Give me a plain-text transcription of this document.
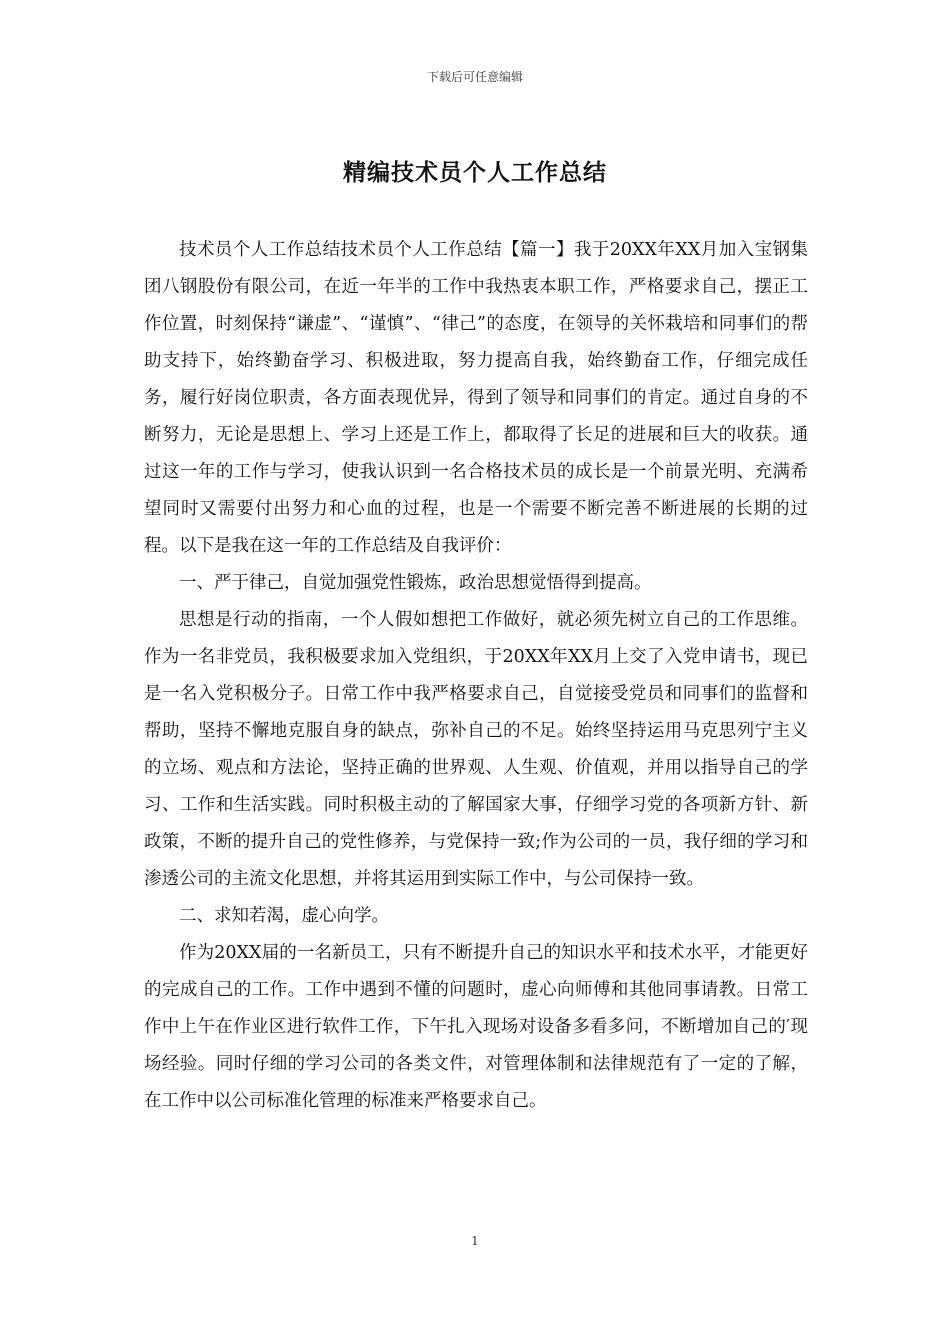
下载后可任意编辑
精编技术员个人工作总结

技术员个人工作总结技术员个人工作总结【篇一】我于20XX年XX月加入宝钢集团八钢股份有限公司，在近一年半的工作中我热衷本职工作，严格要求自己，摆正工作位置，时刻保持“谦虚”、“谨慎”、“律己”的态度，在领导的关怀栽培和同事们的帮助支持下，始终勤奋学习、积极进取，努力提高自我，始终勤奋工作，仔细完成任务，履行好岗位职责，各方面表现优异，得到了领导和同事们的肯定。通过自身的不断努力，无论是思想上、学习上还是工作上，都取得了长足的进展和巨大的收获。通过这一年的工作与学习，使我认识到一名合格技术员的成长是一个前景光明、充满希望同时又需要付出努力和心血的过程，也是一个需要不断完善不断进展的长期的过程。以下是我在这一年的工作总结及自我评价：

一、严于律己，自觉加强党性锻炼，政治思想觉悟得到提高。

思想是行动的指南，一个人假如想把工作做好，就必须先树立自己的工作思维。作为一名非党员，我积极要求加入党组织，于20XX年XX月上交了入党申请书，现已是一名入党积极分子。日常工作中我严格要求自己，自觉接受党员和同事们的监督和帮助，坚持不懈地克服自身的缺点，弥补自己的不足。始终坚持运用马克思列宁主义的立场、观点和方法论，坚持正确的世界观、人生观、价值观，并用以指导自己的学习、工作和生活实践。同时积极主动的了解国家大事，仔细学习党的各项新方针、新政策，不断的提升自己的党性修养，与党保持一致;作为公司的一员，我仔细的学习和渗透公司的主流文化思想，并将其运用到实际工作中，与公司保持一致。

二、求知若渴，虚心向学。

作为20XX届的一名新员工，只有不断提升自己的知识水平和技术水平，才能更好的完成自己的工作。工作中遇到不懂的问题时，虚心向师傅和其他同事请教。日常工作中上午在作业区进行软件工作，下午扎入现场对设备多看多问，不断增加自己的′现场经验。同时仔细的学习公司的各类文件，对管理体制和法律规范有了一定的了解，在工作中以公司标准化管理的标准来严格要求自己。

1
